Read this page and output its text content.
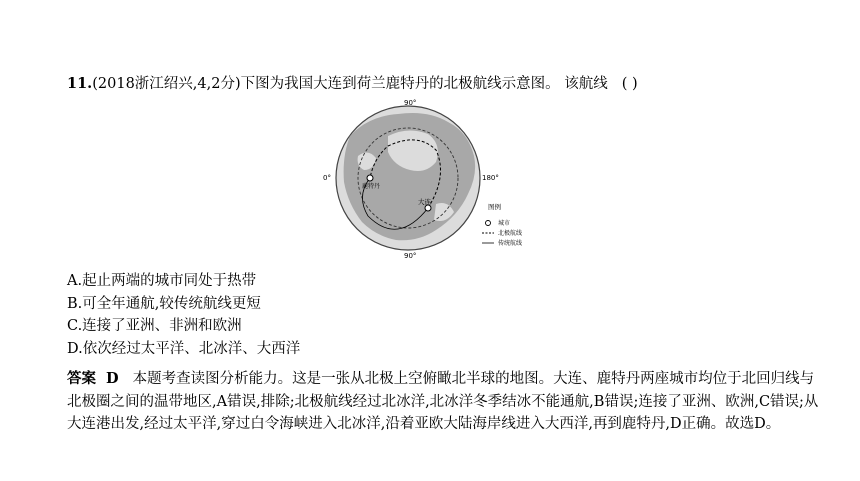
11.(2018浙江绍兴,4,2分)下图为我国大连到荷兰鹿特丹的北极航线示意图。 该航线 ( )
90°
90°
0°	180°
鹿特丹
大连
图例
城市
北极航线
传统航线
A.起止两端的城市同处于热带
B.可全年通航,较传统航线更短
C.连接了亚洲、非洲和欧洲
D.依次经过太平洋、北冰洋、大西洋
答案 D 本题考查读图分析能力。这是一张从北极上空俯瞰北半球的地图。大连、鹿特丹两座城市均位于北回归线与北极圈之间的温带地区,A错误,排除;北极航线经过北冰洋,北冰洋冬季结冰不能通航,B错误;连接了亚洲、欧洲,C错误;从大连港出发,经过太平洋,穿过白令海峡进入北冰洋,沿着亚欧大陆海岸线进入大西洋,再到鹿特丹,D正确。故选D。
